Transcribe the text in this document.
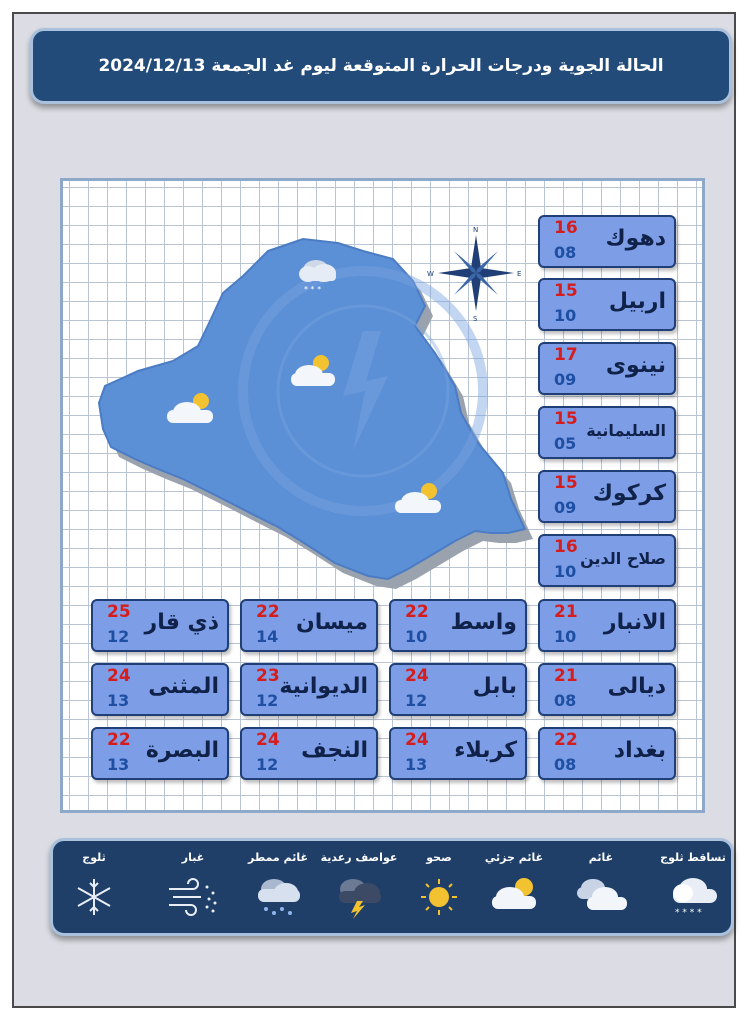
الحالة الجوية ودرجات الحرارة المتوقعة ليوم غد الجمعة 2024/12/13
* * *
N
S
E
W
16
08
دهوك
15
10
اربيل
17
09
نينوى
15
05
السليمانية
15
09
كركوك
16
10
صلاح الدين
21
10
الانبار
22
10
واسط
22
14
ميسان
25
12
ذي قار
21
08
ديالى
24
12
بابل
23
12
الديوانية
24
13
المثنى
22
08
بغداد
24
13
كربلاء
24
12
النجف
22
13
البصرة
تساقط ثلوج
* * * *
غائم
غائم جزئي
صحو
عواصف رعدية
غائم ممطر
غبار
ثلوج
